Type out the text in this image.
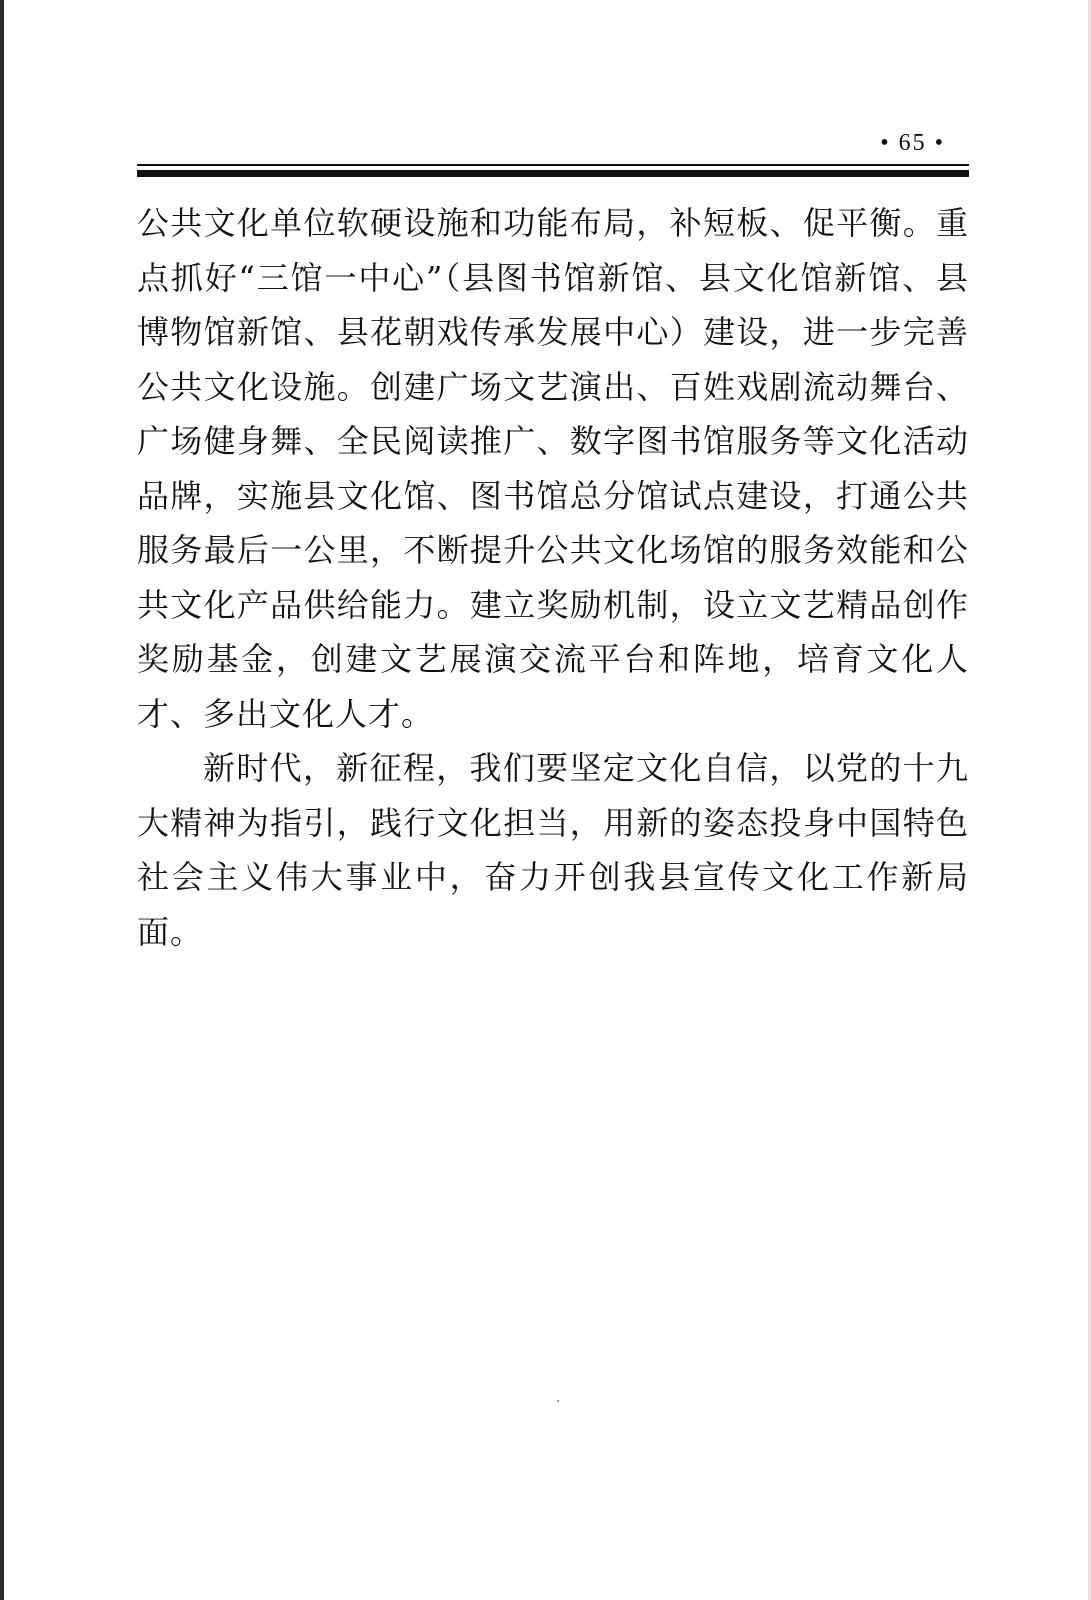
• 65 •

公共文化单位软硬设施和功能布局，补短板、促平衡。重点抓好“三馆一中心”（县图书馆新馆、县文化馆新馆、县博物馆新馆、县花朝戏传承发展中心）建设，进一步完善公共文化设施。创建广场文艺演出、百姓戏剧流动舞台、广场健身舞、全民阅读推广、数字图书馆服务等文化活动品牌，实施县文化馆、图书馆总分馆试点建设，打通公共服务最后一公里，不断提升公共文化场馆的服务效能和公共文化产品供给能力。建立奖励机制，设立文艺精品创作奖励基金，创建文艺展演交流平台和阵地，培育文化人才、多出文化人才。

新时代，新征程，我们要坚定文化自信，以党的十九大精神为指引，践行文化担当，用新的姿态投身中国特色社会主义伟大事业中，奋力开创我县宣传文化工作新局面。
